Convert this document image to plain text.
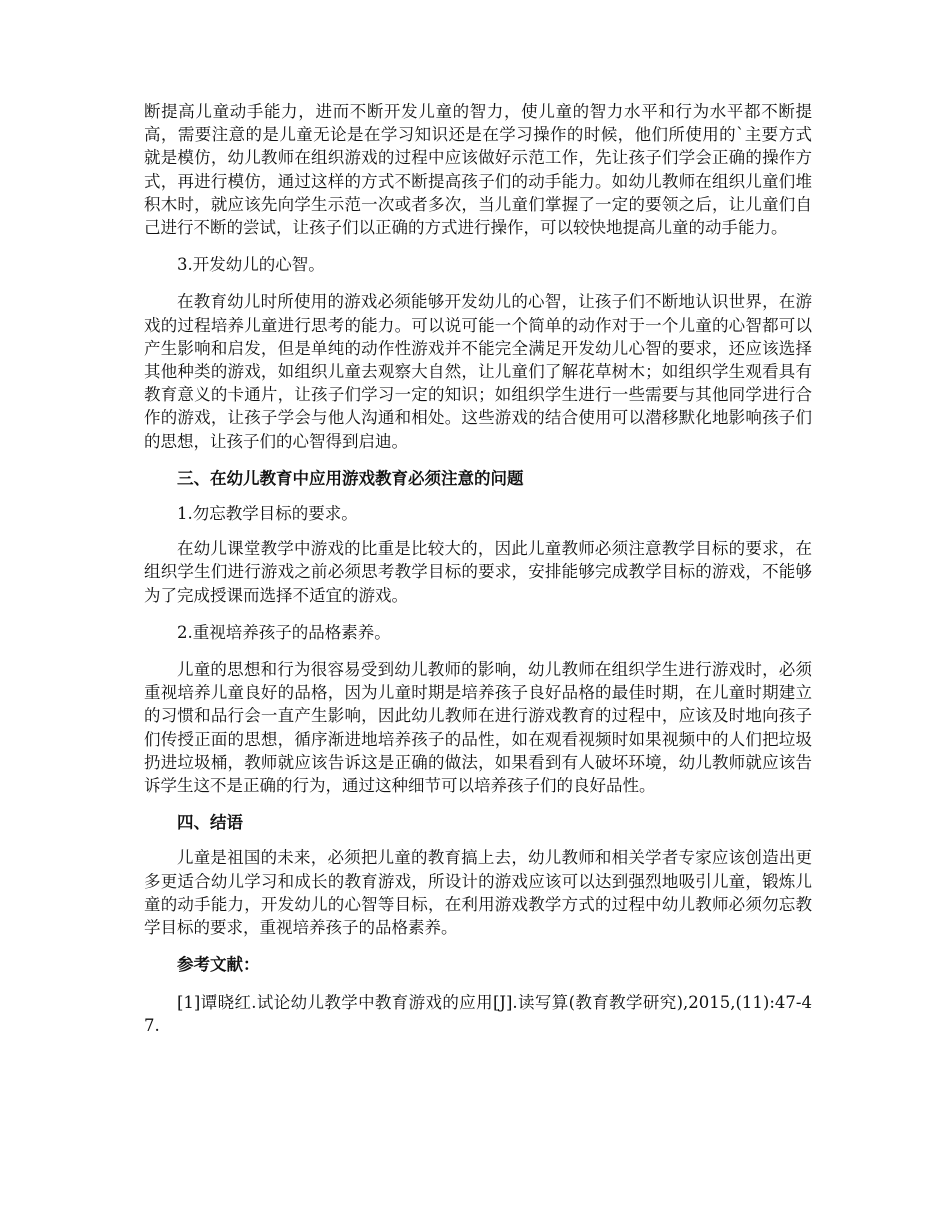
断提高儿童动手能力，进而不断开发儿童的智力，使儿童的智力水平和行为水平都不断提高，需要注意的是儿童无论是在学习知识还是在学习操作的时候，他们所使用的`主要方式就是模仿，幼儿教师在组织游戏的过程中应该做好示范工作，先让孩子们学会正确的操作方式，再进行模仿，通过这样的方式不断提高孩子们的动手能力。如幼儿教师在组织儿童们堆积木时，就应该先向学生示范一次或者多次，当儿童们掌握了一定的要领之后，让儿童们自己进行不断的尝试，让孩子们以正确的方式进行操作，可以较快地提高儿童的动手能力。

3.开发幼儿的心智。

在教育幼儿时所使用的游戏必须能够开发幼儿的心智，让孩子们不断地认识世界，在游戏的过程培养儿童进行思考的能力。可以说可能一个简单的动作对于一个儿童的心智都可以产生影响和启发，但是单纯的动作性游戏并不能完全满足开发幼儿心智的要求，还应该选择其他种类的游戏，如组织儿童去观察大自然，让儿童们了解花草树木；如组织学生观看具有教育意义的卡通片，让孩子们学习一定的知识；如组织学生进行一些需要与其他同学进行合作的游戏，让孩子学会与他人沟通和相处。这些游戏的结合使用可以潜移默化地影响孩子们的思想，让孩子们的心智得到启迪。

三、在幼儿教育中应用游戏教育必须注意的问题

1.勿忘教学目标的要求。

在幼儿课堂教学中游戏的比重是比较大的，因此儿童教师必须注意教学目标的要求，在组织学生们进行游戏之前必须思考教学目标的要求，安排能够完成教学目标的游戏，不能够为了完成授课而选择不适宜的游戏。

2.重视培养孩子的品格素养。

儿童的思想和行为很容易受到幼儿教师的影响，幼儿教师在组织学生进行游戏时，必须重视培养儿童良好的品格，因为儿童时期是培养孩子良好品格的最佳时期，在儿童时期建立的习惯和品行会一直产生影响，因此幼儿教师在进行游戏教育的过程中，应该及时地向孩子们传授正面的思想，循序渐进地培养孩子的品性，如在观看视频时如果视频中的人们把垃圾扔进垃圾桶，教师就应该告诉这是正确的做法，如果看到有人破坏环境，幼儿教师就应该告诉学生这不是正确的行为，通过这种细节可以培养孩子们的良好品性。

四、结语

儿童是祖国的未来，必须把儿童的教育搞上去，幼儿教师和相关学者专家应该创造出更多更适合幼儿学习和成长的教育游戏，所设计的游戏应该可以达到强烈地吸引儿童，锻炼儿童的动手能力，开发幼儿的心智等目标，在利用游戏教学方式的过程中幼儿教师必须勿忘教学目标的要求，重视培养孩子的品格素养。

参考文献：

[1]谭晓红.试论幼儿教学中教育游戏的应用[J].读写算(教育教学研究),2015,(11):47-47.
